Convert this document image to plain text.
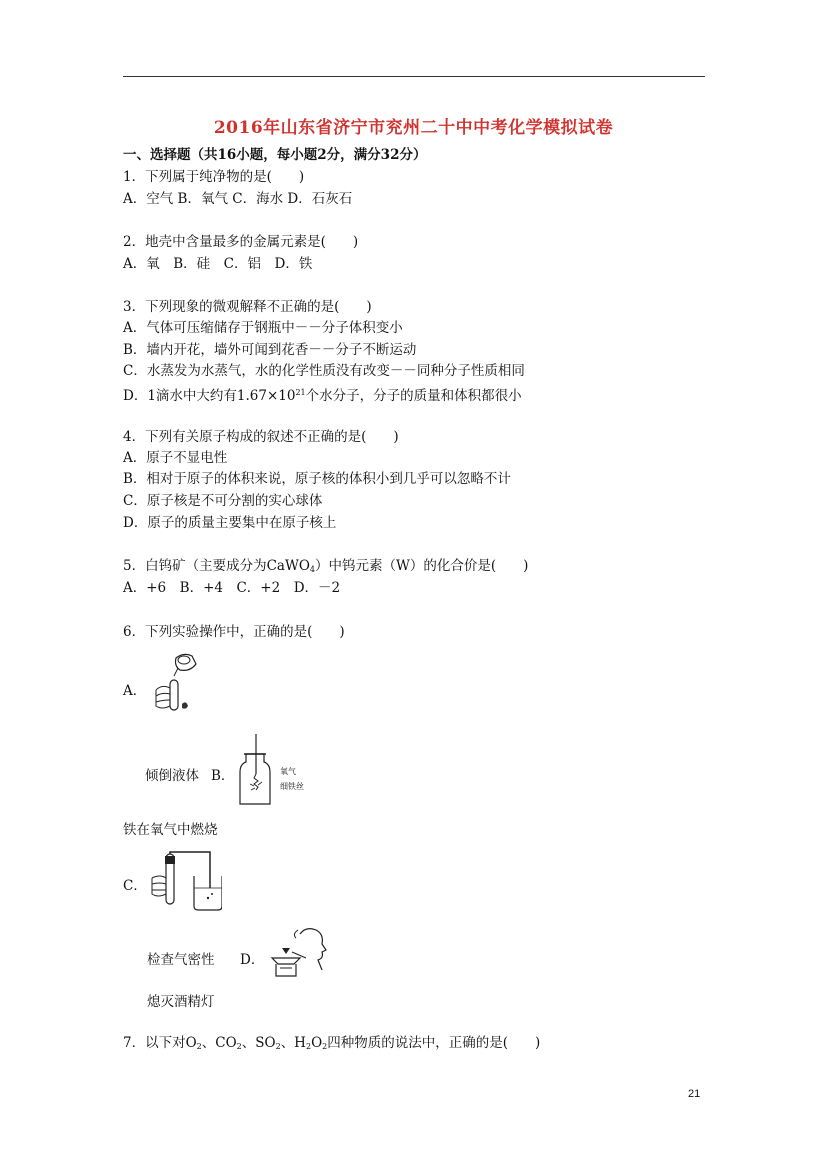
2016年山东省济宁市兖州二十中中考化学模拟试卷
一、选择题（共16小题，每小题2分，满分32分）
1．下列属于纯净物的是(　　)
A．空气 B．氧气 C．海水 D．石灰石
2．地壳中含量最多的金属元素是(　　)
A．氧　B．硅　C．铝　D．铁
3．下列现象的微观解释不正确的是(　　)
A．气体可压缩储存于钢瓶中－－分子体积变小
B．墙内开花，墙外可闻到花香－－分子不断运动
C．水蒸发为水蒸气，水的化学性质没有改变－－同种分子性质相同
D．1滴水中大约有$1.67\times 10^{21}$个水分子，分子的质量和体积都很小
4．下列有关原子构成的叙述不正确的是(　　)
A．原子不显电性
B．相对于原子的体积来说，原子核的体积小到几乎可以忽略不计
C．原子核是不可分割的实心球体
D．原子的质量主要集中在原子核上
5．白钨矿（主要成分为CaWO$_4$）中钨元素（W）的化合价是(　　)
A．+6　B．+4　C．+2　D．－2
6．下列实验操作中，正确的是(　　)
A．
倾倒液体 B．	氧气
细铁丝
铁在氧气中燃烧
C．
检查气密性 D．
熄灭酒精灯
7．以下对$O_2$、$CO_2$、$SO_2$、$H_2O_2$四种物质的说法中，正确的是(　　)
21
